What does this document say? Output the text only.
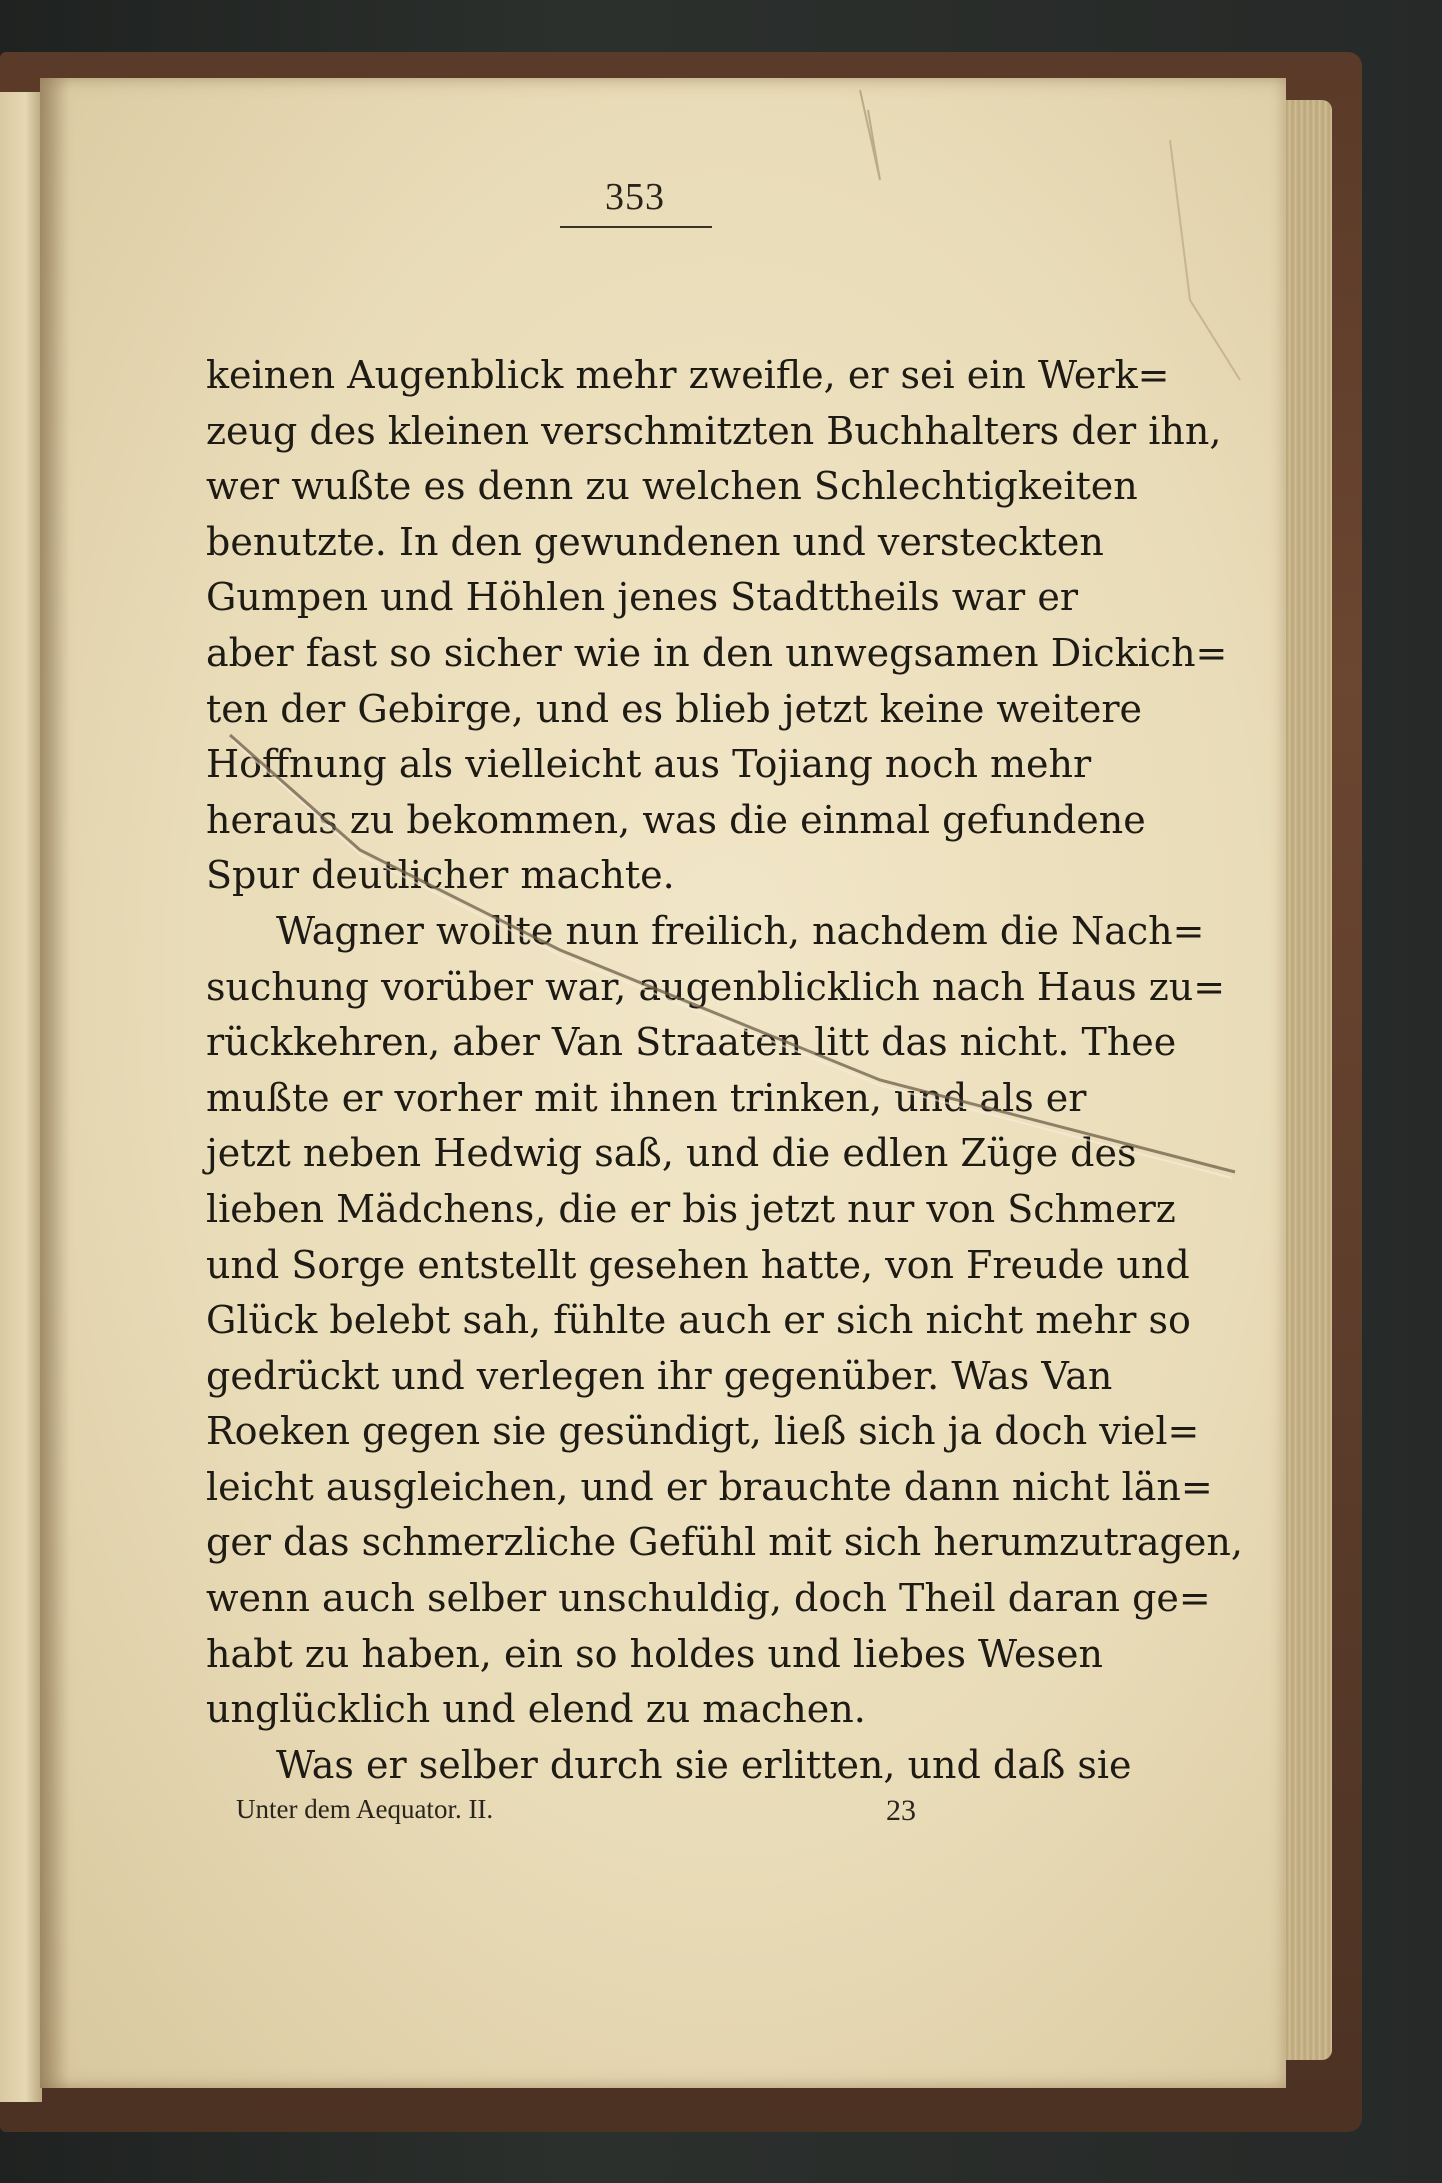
353
keinen Augenblick mehr zweifle, er sei ein Werk=
zeug des kleinen verschmitzten Buchhalters der ihn,
wer wußte es denn zu welchen Schlechtigkeiten
benutzte. In den gewundenen und versteckten
Gumpen und Höhlen jenes Stadttheils war er
aber fast so sicher wie in den unwegsamen Dickich=
ten der Gebirge, und es blieb jetzt keine weitere
Hoffnung als vielleicht aus Tojiang noch mehr
heraus zu bekommen, was die einmal gefundene
Spur deutlicher machte.
Wagner wollte nun freilich, nachdem die Nach=
suchung vorüber war, augenblicklich nach Haus zu=
rückkehren, aber Van Straaten litt das nicht. Thee
mußte er vorher mit ihnen trinken, und als er
jetzt neben Hedwig saß, und die edlen Züge des
lieben Mädchens, die er bis jetzt nur von Schmerz
und Sorge entstellt gesehen hatte, von Freude und
Glück belebt sah, fühlte auch er sich nicht mehr so
gedrückt und verlegen ihr gegenüber. Was Van
Roeken gegen sie gesündigt, ließ sich ja doch viel=
leicht ausgleichen, und er brauchte dann nicht län=
ger das schmerzliche Gefühl mit sich herumzutragen,
wenn auch selber unschuldig, doch Theil daran ge=
habt zu haben, ein so holdes und liebes Wesen
unglücklich und elend zu machen.
Was er selber durch sie erlitten, und daß sie
Unter dem Aequator. II.	23
